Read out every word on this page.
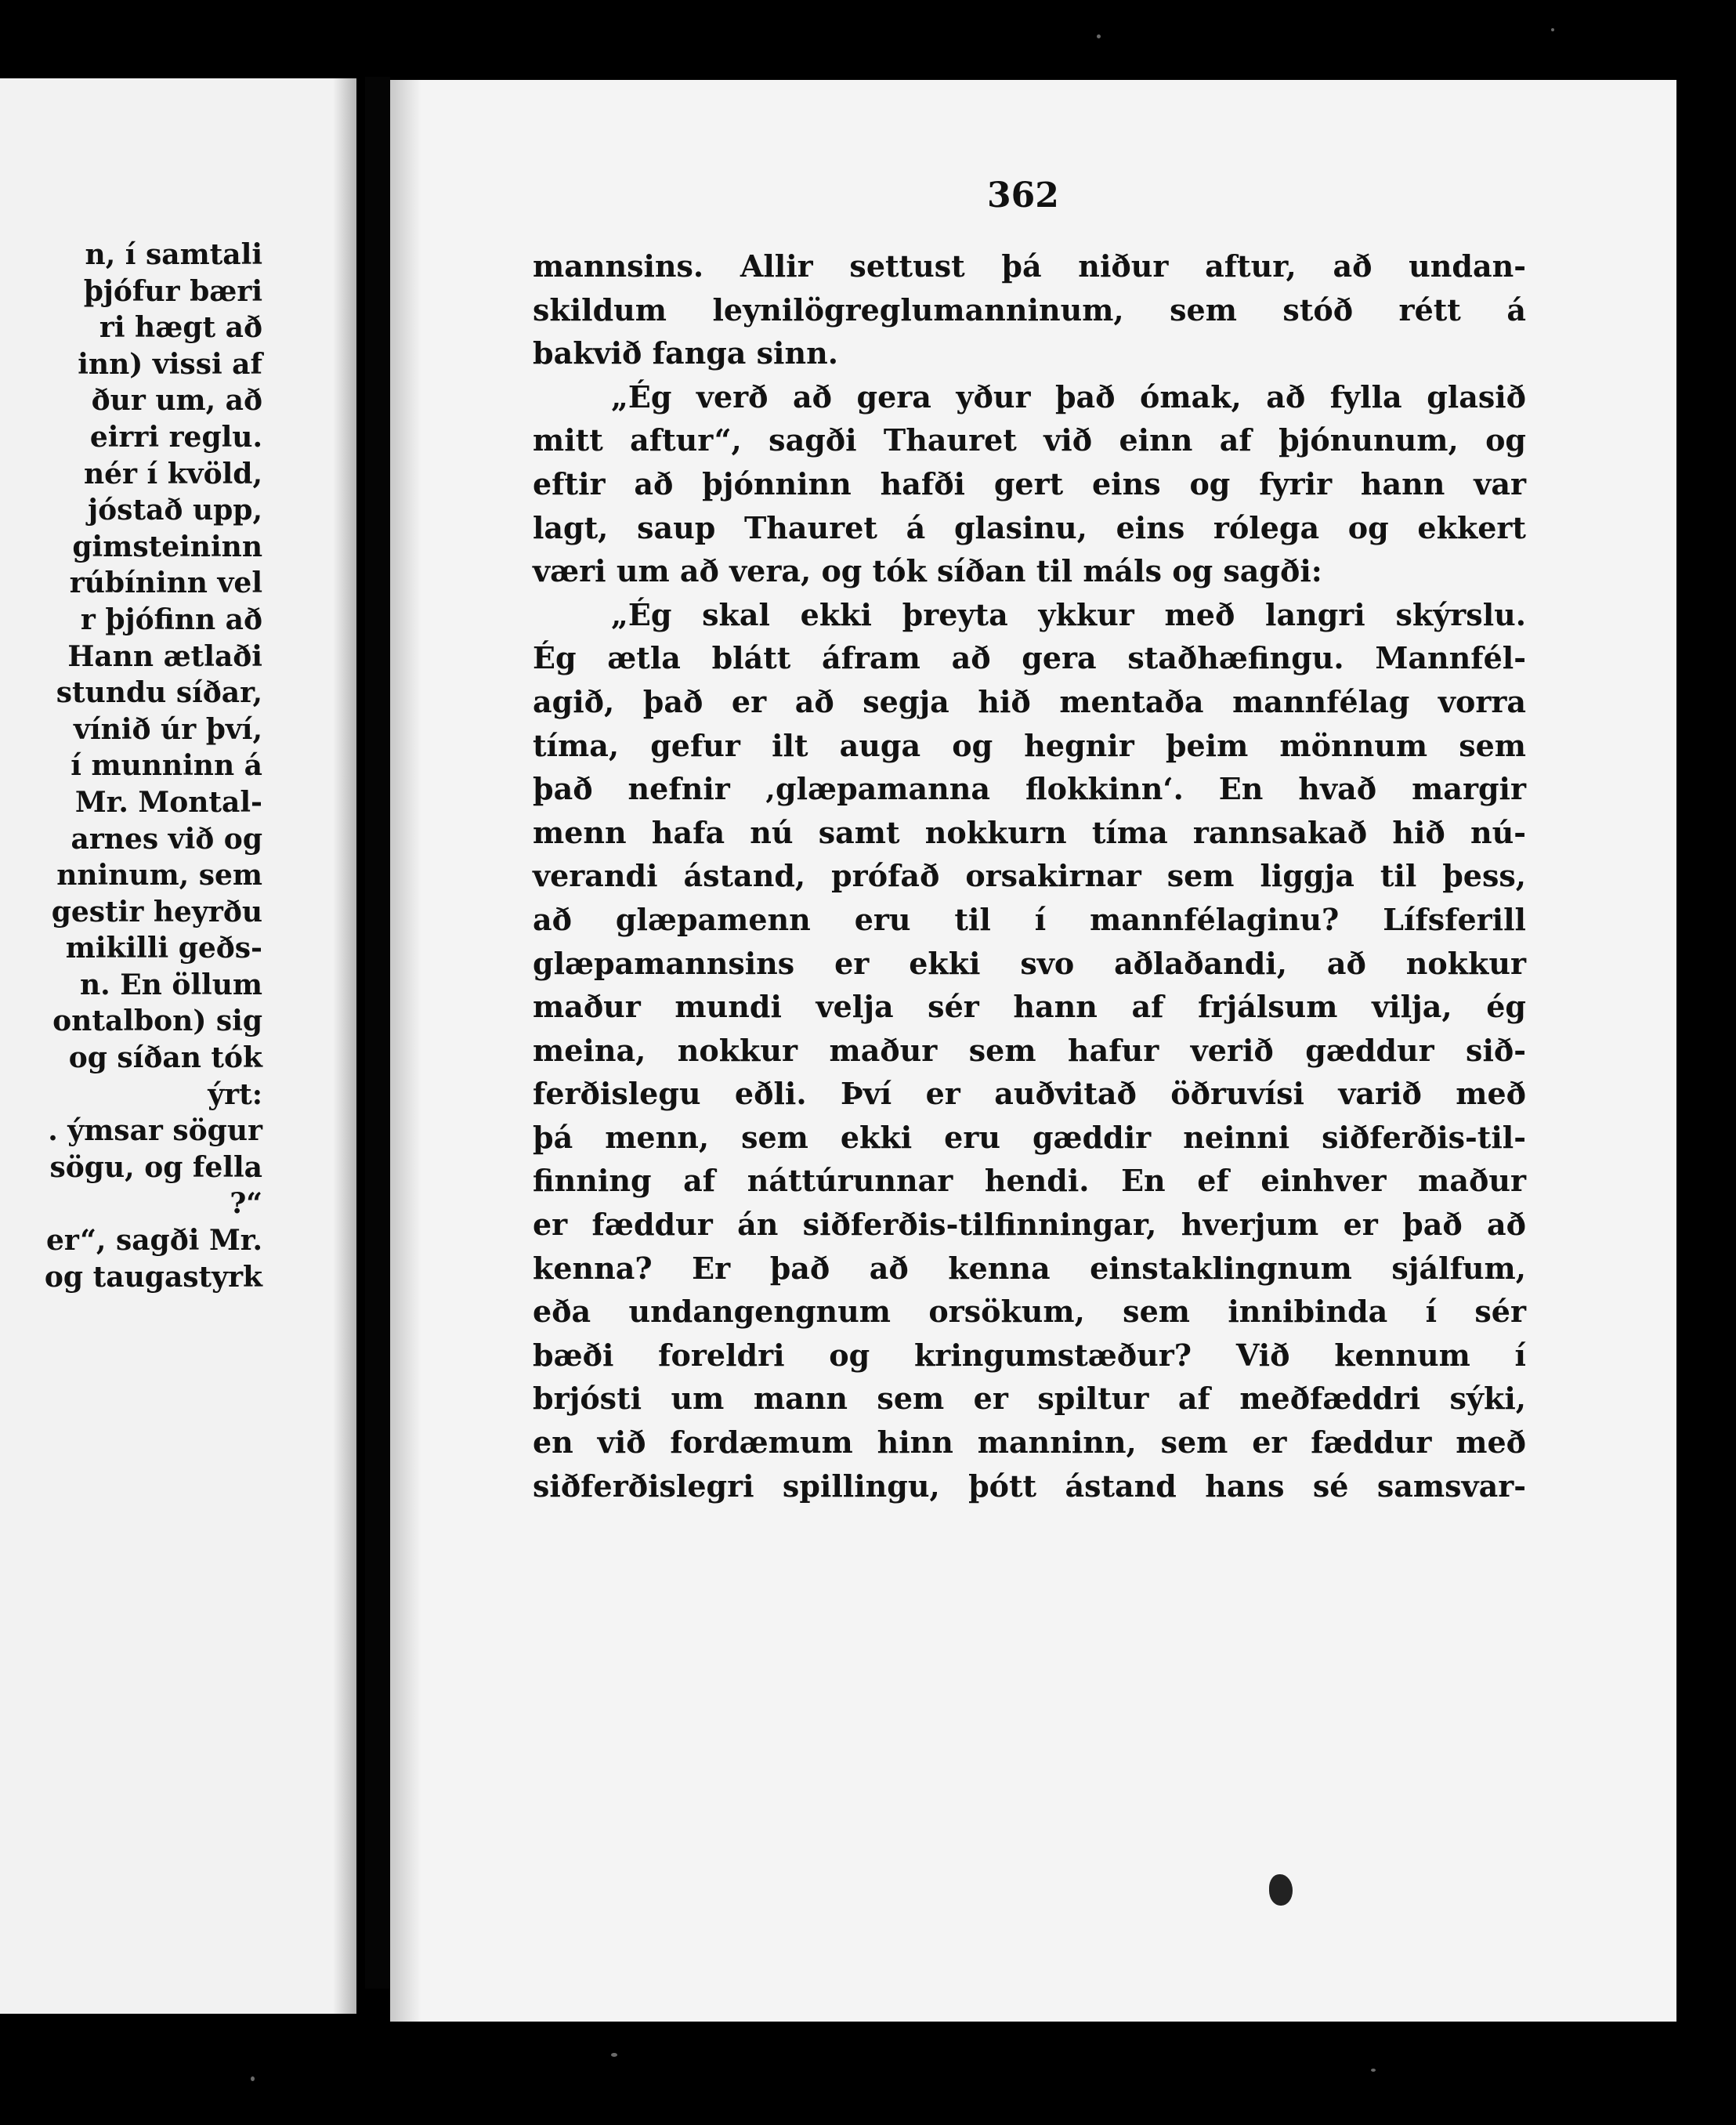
n, í samtali
þjófur bæri
ri hægt að
inn) vissi af
ður um, að
eirri reglu.
nér í kvöld,
jóstað upp,
gimsteininn
rúbíninn vel
r þjófinn að
Hann ætlaði
stundu síðar,
vínið úr því,
í munninn á
Mr. Montal-
arnes við og
nninum, sem
gestir heyrðu
mikilli geðs-
n. En öllum
ontalbon) sig
og síðan tók
ýrt:
. ýmsar sögur
sögu, og fella
?“
er“, sagði Mr.
og taugastyrk
362
mannsins. Allir settust þá niður aftur, að undan-
skildum leynilögreglumanninum, sem stóð rétt á
bakvið fanga sinn.
„Ég verð að gera yður það ómak, að fylla glasið
mitt aftur“, sagði Thauret við einn af þjónunum, og
eftir að þjónninn hafði gert eins og fyrir hann var
lagt, saup Thauret á glasinu, eins rólega og ekkert
væri um að vera, og tók síðan til máls og sagði:
„Ég skal ekki þreyta ykkur með langri skýrslu.
Ég ætla blátt áfram að gera staðhæfingu. Mannfél-
agið, það er að segja hið mentaða mannfélag vorra
tíma, gefur ilt auga og hegnir þeim mönnum sem
það nefnir ‚glæpamanna flokkinn‘. En hvað margir
menn hafa nú samt nokkurn tíma rannsakað hið nú-
verandi ástand, prófað orsakirnar sem liggja til þess,
að glæpamenn eru til í mannfélaginu? Lífsferill
glæpamannsins er ekki svo aðlaðandi, að nokkur
maður mundi velja sér hann af frjálsum vilja, ég
meina, nokkur maður sem hafur verið gæddur sið-
ferðislegu eðli. Því er auðvitað öðruvísi varið með
þá menn, sem ekki eru gæddir neinni siðferðis-til-
finning af náttúrunnar hendi. En ef einhver maður
er fæddur án siðferðis-tilfinningar, hverjum er það að
kenna? Er það að kenna einstaklingnum sjálfum,
eða undangengnum orsökum, sem innibinda í sér
bæði foreldri og kringumstæður? Við kennum í
brjósti um mann sem er spiltur af meðfæddri sýki,
en við fordæmum hinn manninn, sem er fæddur með
siðferðislegri spillingu, þótt ástand hans sé samsvar-
